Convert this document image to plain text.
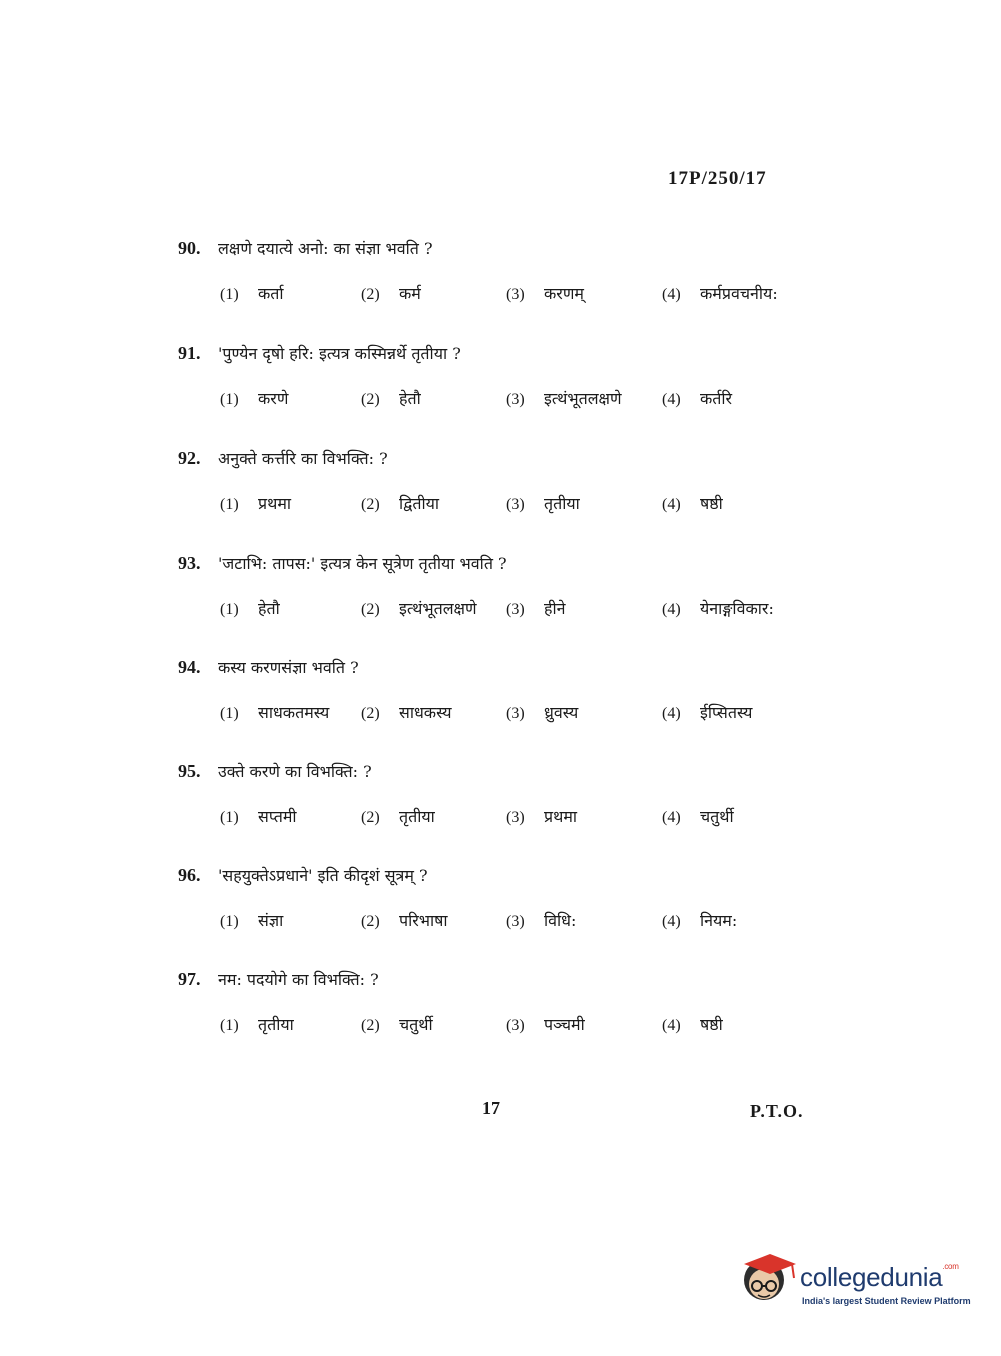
17P/250/17
90. लक्षणे दयात्ये अनो: का संज्ञा भवति ?
(1) कर्ता	(2) कर्म	(3) करणम्	(4) कर्मप्रवचनीय:
91. 'पुण्येन दृषो हरि: इत्यत्र कस्मिन्नर्थे तृतीया ?
(1) करणे	(2) हेतौ	(3) इत्थंभूतलक्षणे	(4) कर्तरि
92. अनुक्ते कर्त्तरि का विभक्ति: ?
(1) प्रथमा	(2) द्वितीया	(3) तृतीया	(4) षष्ठी
93. 'जटाभि: तापस:' इत्यत्र केन सूत्रेण तृतीया भवति ?
(1) हेतौ	(2) इत्थंभूतलक्षणे (3) हीने	(4) येनाङ्गविकार:
94. कस्य करणसंज्ञा भवति ?
(1) साधकतमस्य (2) साधकस्य	(3) ध्रुवस्य	(4) ईप्सितस्य
95. उक्ते करणे का विभक्ति: ?
(1) सप्तमी	(2) तृतीया	(3) प्रथमा	(4) चतुर्थी
96. 'सहयुक्तेऽप्रधाने' इति कीदृशं सूत्रम् ?
(1) संज्ञा	(2) परिभाषा	(3) विधि:	(4) नियम:
97. नम: पदयोगे का विभक्ति: ?
(1) तृतीया	(2) चतुर्थी	(3) पञ्चमी	(4) षष्ठी
17	P.T.O.
collegedunia$^{.com}$
India's largest Student Review Platform
